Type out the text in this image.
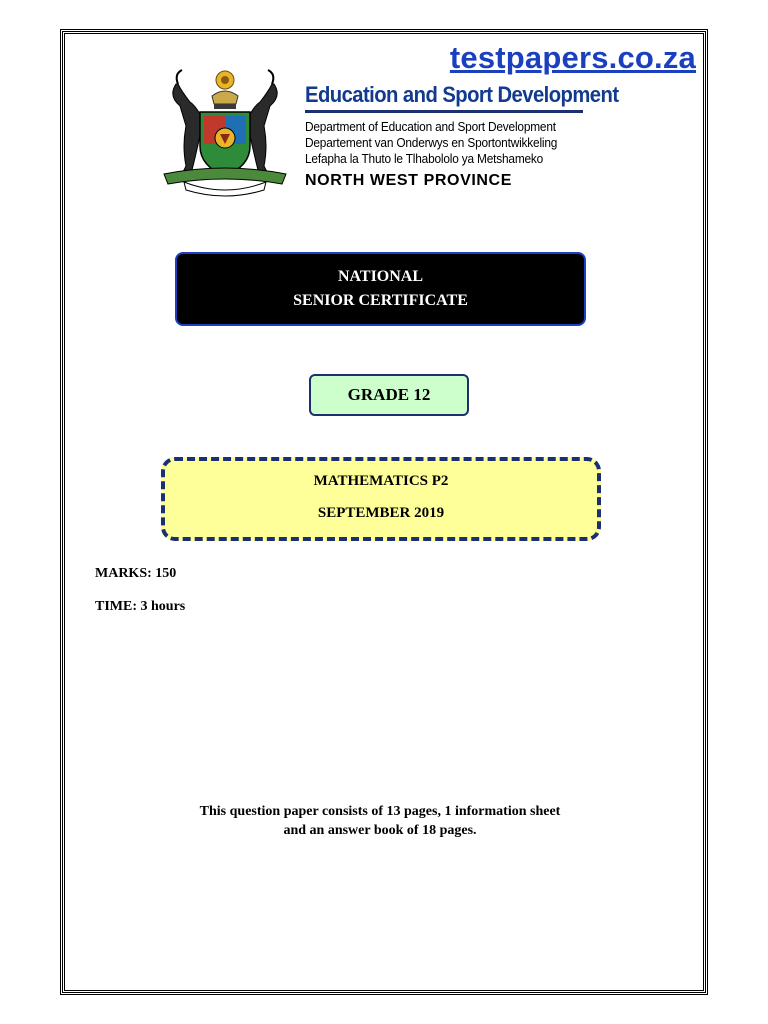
testpapers.co.za
Education and Sport Development
Department of Education and Sport Development
Departement van Onderwys en Sportontwikkeling
Lefapha la Thuto le Tlhabololo ya Metshameko
NORTH WEST PROVINCE
NATIONAL
SENIOR CERTIFICATE
GRADE 12
MATHEMATICS P2
SEPTEMBER 2019
MARKS: 150
TIME: 3 hours
This question paper consists of 13 pages, 1 information sheet
and an answer book of 18 pages.
